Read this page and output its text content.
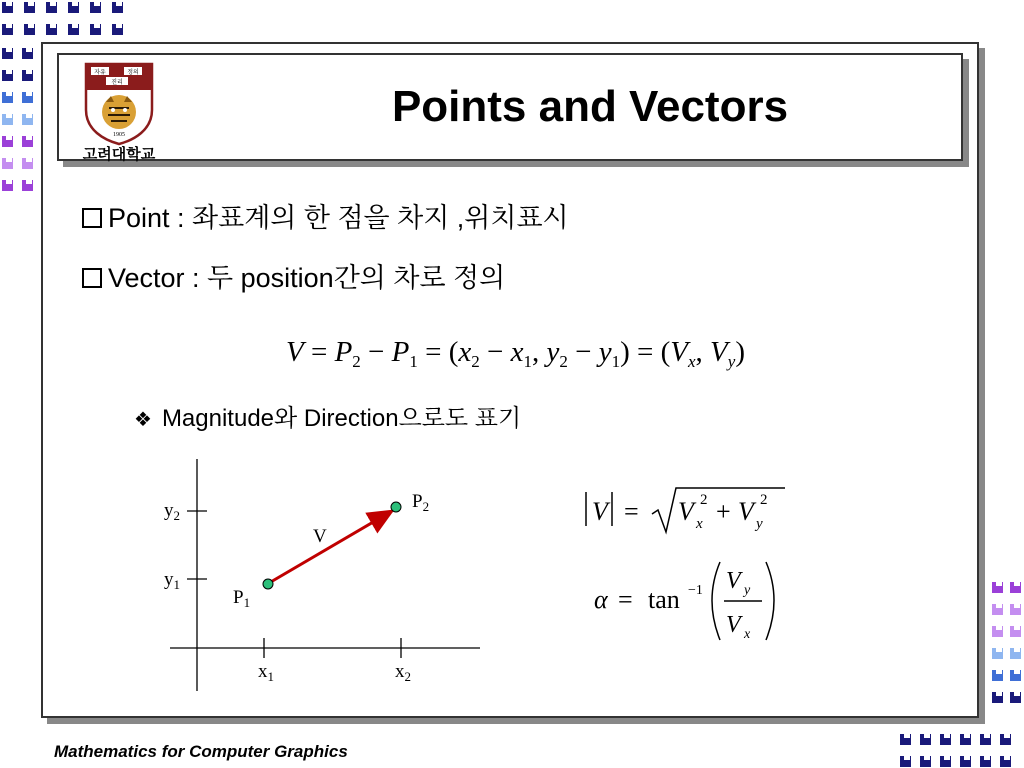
자유	정의
진리
1905
고려대학교
Points and Vectors
Point : 좌표계의 한 점을 차지 ,위치표시
Vector : 두 position간의 차로 정의
$V = P_2 - P_1 = (x_2 - x_1$, $y_2 - y_1) = (V_x$, $V_y$)
❖ Magnitude와 Direction으로도 표기
$y_2$
$y_1$
$x_1$	$x_2$
V
$P_1$
$P_2$	V = V x
2 + V y
2
α = tan −1 V y
V x
Mathematics for Computer Graphics
